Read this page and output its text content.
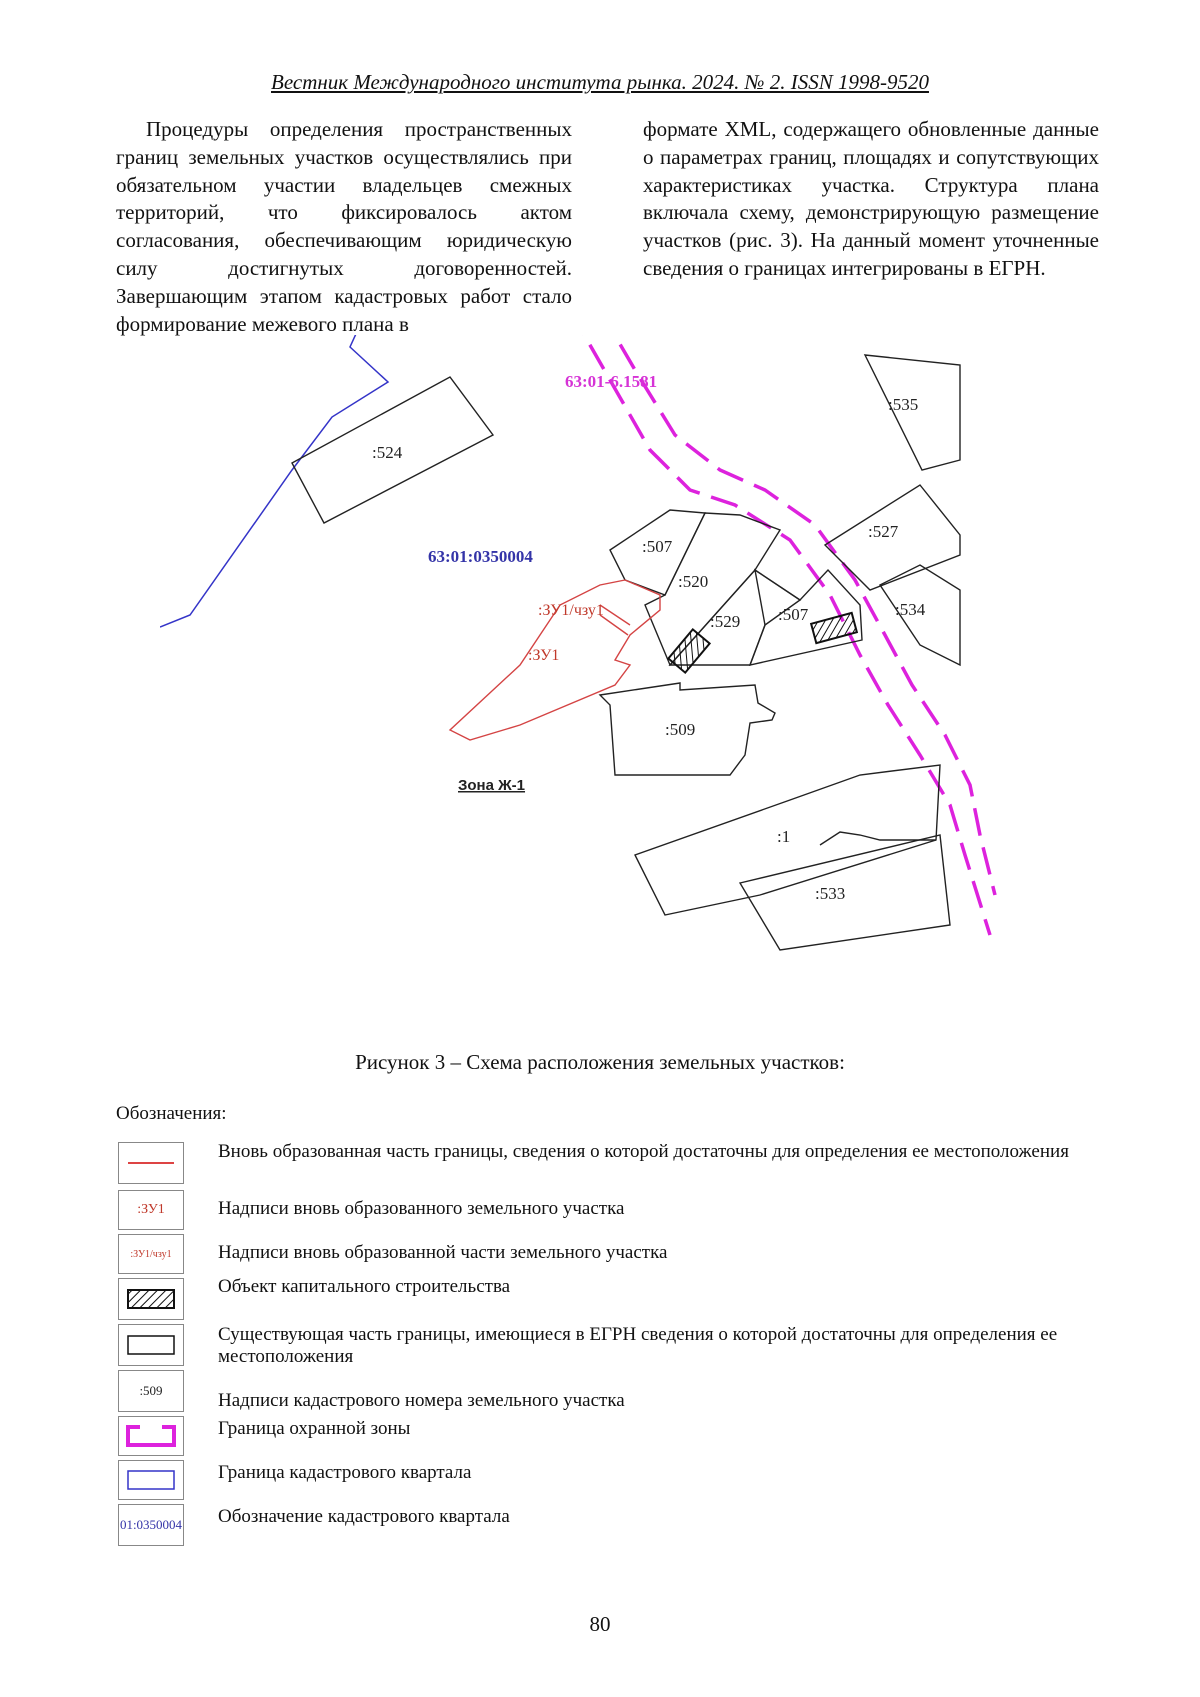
Вестник Международного института рынка. 2024. № 2. ISSN 1998-9520
Процедуры определения пространственных границ земельных участков осуществлялись при обязательном участии владельцев смежных территорий, что фиксировалось актом согласования, обеспечивающим юридическую силу достигнутых договоренностей. Завершающим этапом кадастровых работ стало формирование межевого плана в
формате XML, содержащего обновленные данные о параметрах границ, площадях и сопутствующих характеристиках участка. Структура плана включала схему, демонстрирующую размещение участков (рис. 3). На данный момент уточненные сведения о границах интегрированы в ЕГРН.
:524
:535
:527
:507
:520
:529 :507	:534
:509
:1
:533
63:01:0350004
Зона Ж-1
63:01-6.1581
:ЗУ1
:ЗУ1/чзу1
Рисунок 3 – Схема расположения земельных участков:
Обозначения:
Вновь образованная часть границы, сведения о которой достаточны для определения ее местоположения
:ЗУ1	Надписи вновь образованного земельного участка
:ЗУ1/чзу1 Надписи вновь образованной части земельного участка
Объект капитального строительства
Существующая часть границы, имеющиеся в ЕГРН сведения о которой достаточны для определения ее местоположения
:509	Надписи кадастрового номера земельного участка
Граница охранной зоны
Граница кадастрового квартала
01:0350004 Обозначение кадастрового квартала
80
